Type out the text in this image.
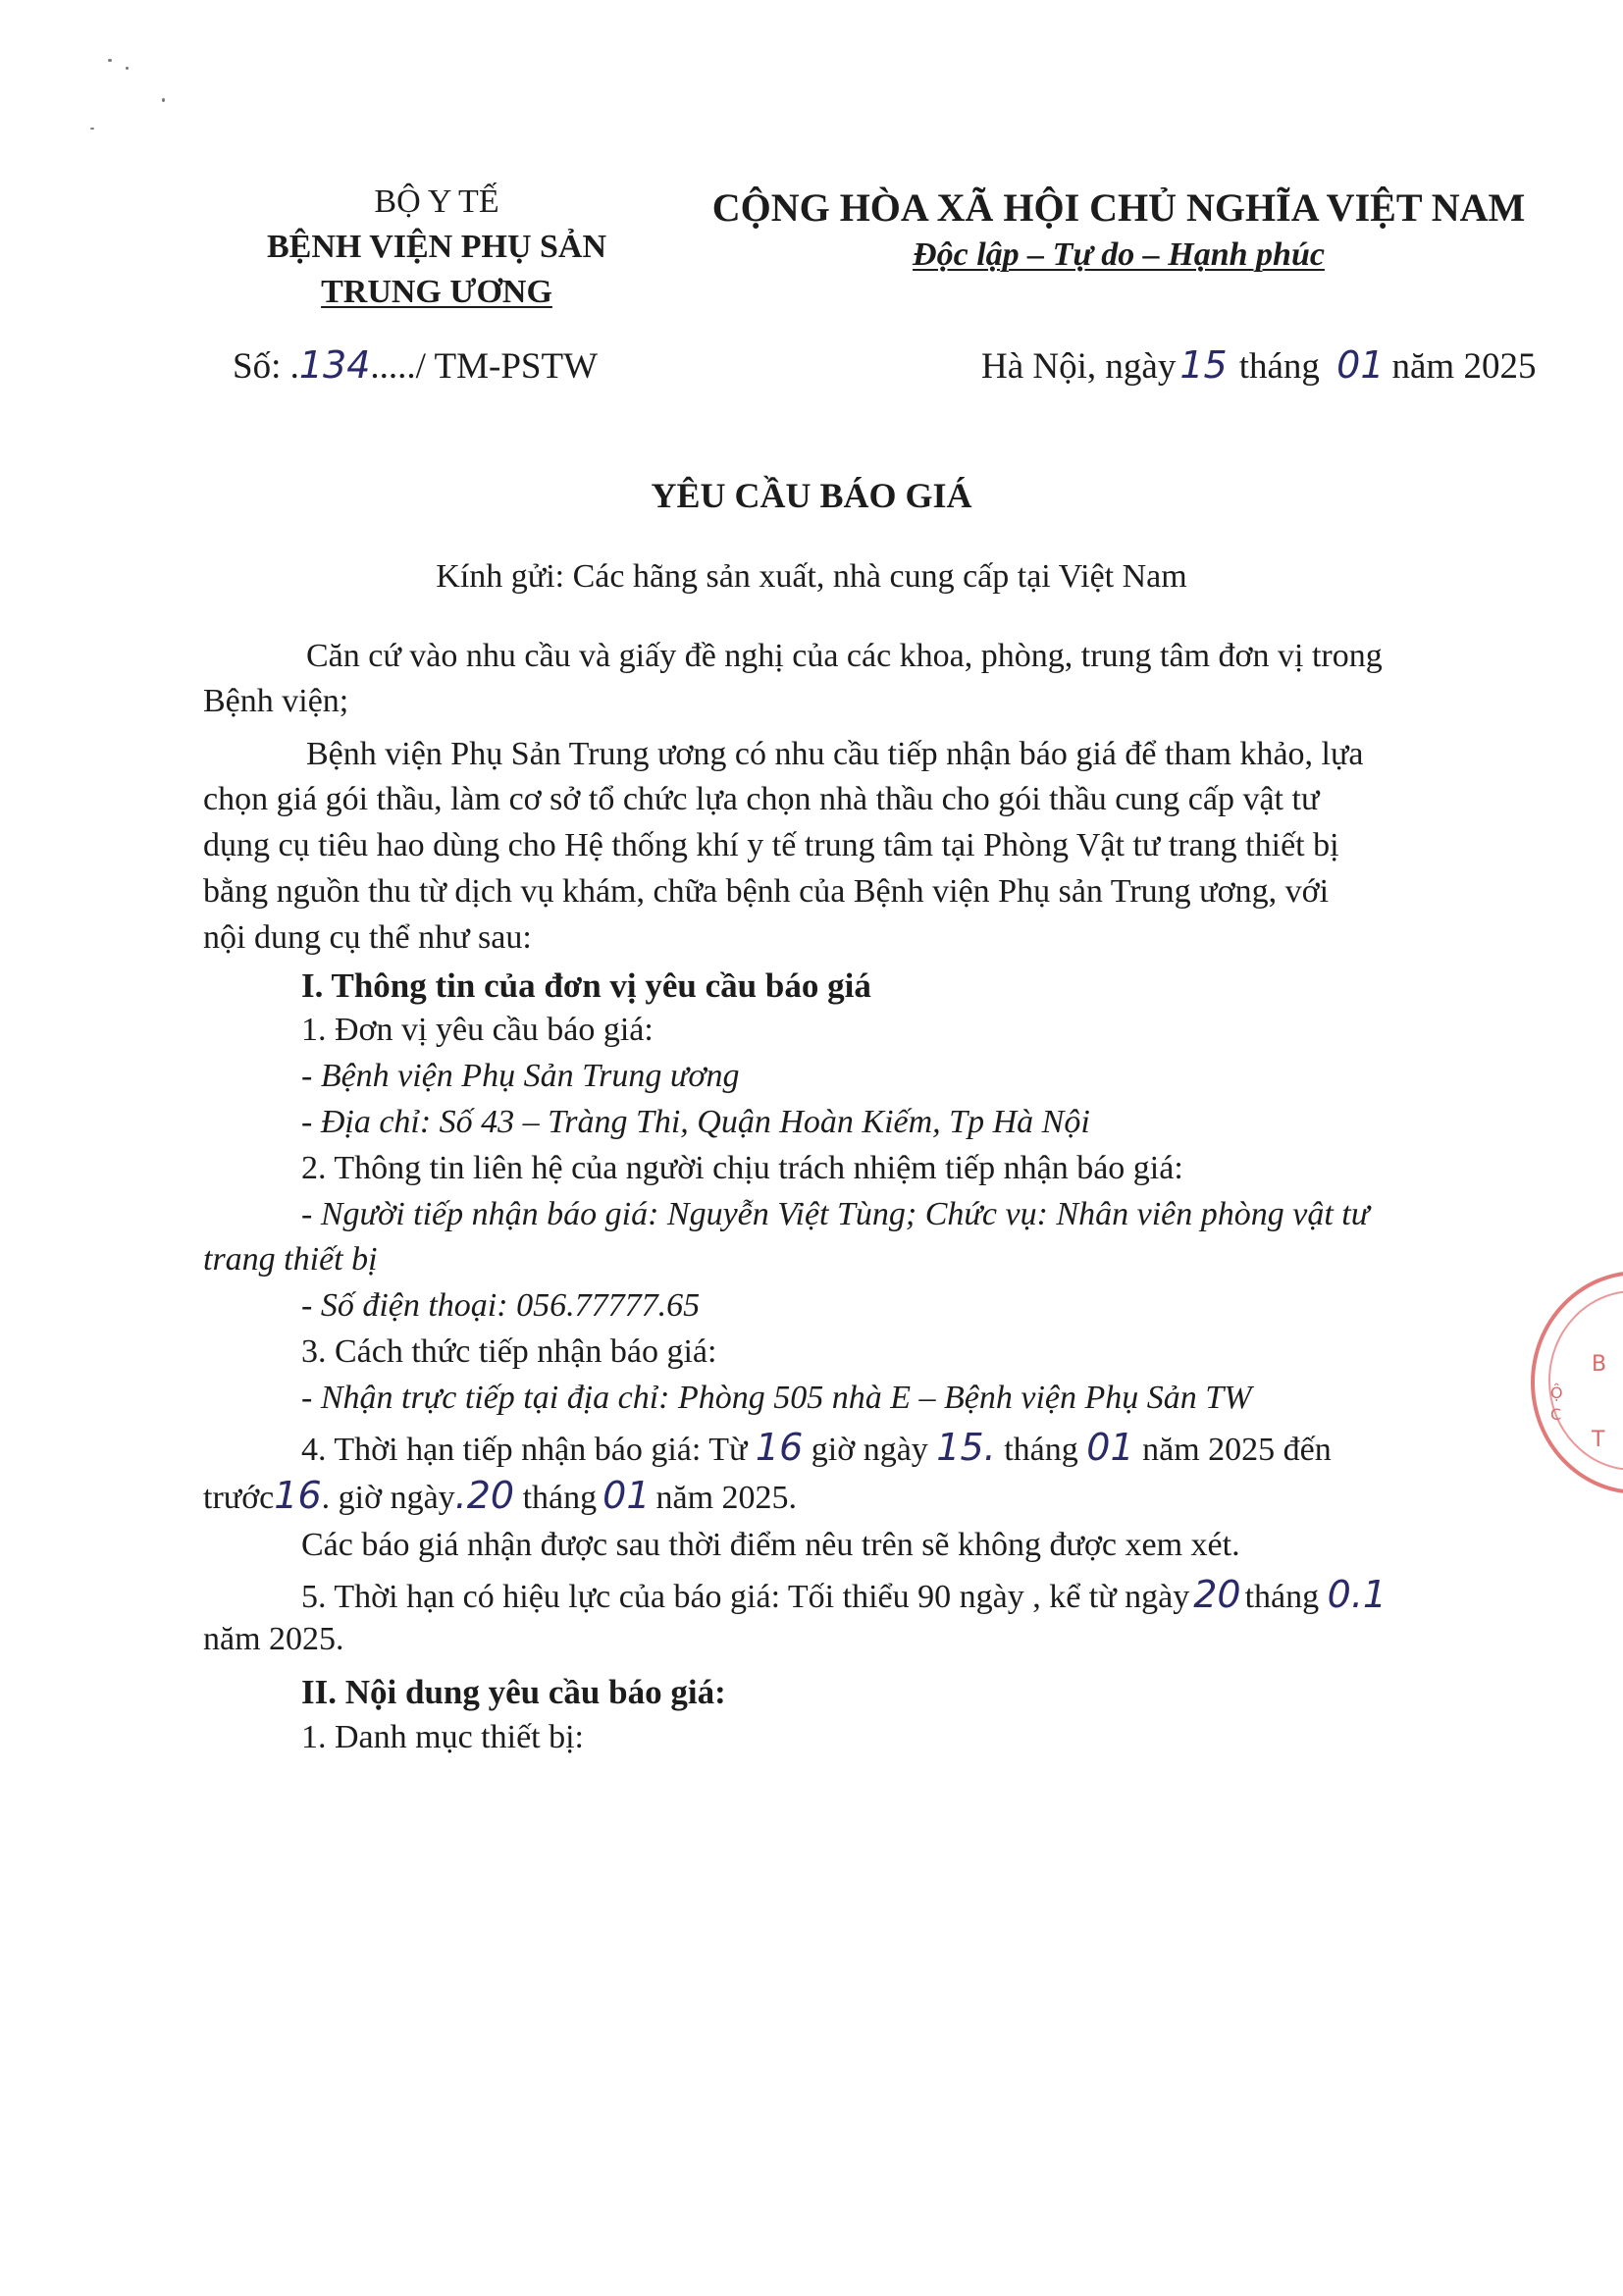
BỘ Y TẾ
BỆNH VIỆN PHỤ SẢN
TRUNG ƯƠNG
CỘNG HÒA XÃ HỘI CHỦ NGHĨA VIỆT NAM
Độc lập – Tự do – Hạnh phúc
Số: .134...../ TM-PSTW	Hà Nội, ngày 15 tháng 01 năm 2025
YÊU CẦU BÁO GIÁ
Kính gửi: Các hãng sản xuất, nhà cung cấp tại Việt Nam
Căn cứ vào nhu cầu và giấy đề nghị của các khoa, phòng, trung tâm đơn vị trong
Bệnh viện;
Bệnh viện Phụ Sản Trung ương có nhu cầu tiếp nhận báo giá để tham khảo, lựa
chọn giá gói thầu, làm cơ sở tổ chức lựa chọn nhà thầu cho gói thầu cung cấp vật tư
dụng cụ tiêu hao dùng cho Hệ thống khí y tế trung tâm tại Phòng Vật tư trang thiết bị
bằng nguồn thu từ dịch vụ khám, chữa bệnh của Bệnh viện Phụ sản Trung ương, với
nội dung cụ thể như sau:
I. Thông tin của đơn vị yêu cầu báo giá
1. Đơn vị yêu cầu báo giá:
- Bệnh viện Phụ Sản Trung ương
- Địa chỉ: Số 43 – Tràng Thi, Quận Hoàn Kiếm, Tp Hà Nội
2. Thông tin liên hệ của người chịu trách nhiệm tiếp nhận báo giá:
- Người tiếp nhận báo giá: Nguyễn Việt Tùng; Chức vụ: Nhân viên phòng vật tư
trang thiết bị
- Số điện thoại: 056.77777.65
3. Cách thức tiếp nhận báo giá:
- Nhận trực tiếp tại địa chỉ: Phòng 505 nhà E – Bệnh viện Phụ Sản TW
4. Thời hạn tiếp nhận báo giá: Từ 16 giờ ngày 15. tháng 01 năm 2025 đến
trước16. giờ ngày.20 tháng 01 năm 2025.
Các báo giá nhận được sau thời điểm nêu trên sẽ không được xem xét.
5. Thời hạn có hiệu lực của báo giá: Tối thiểu 90 ngày , kể từ ngày 20 tháng 0.1
năm 2025.
II. Nội dung yêu cầu báo giá:
1. Danh mục thiết bị:
B
T
Ộ
C
